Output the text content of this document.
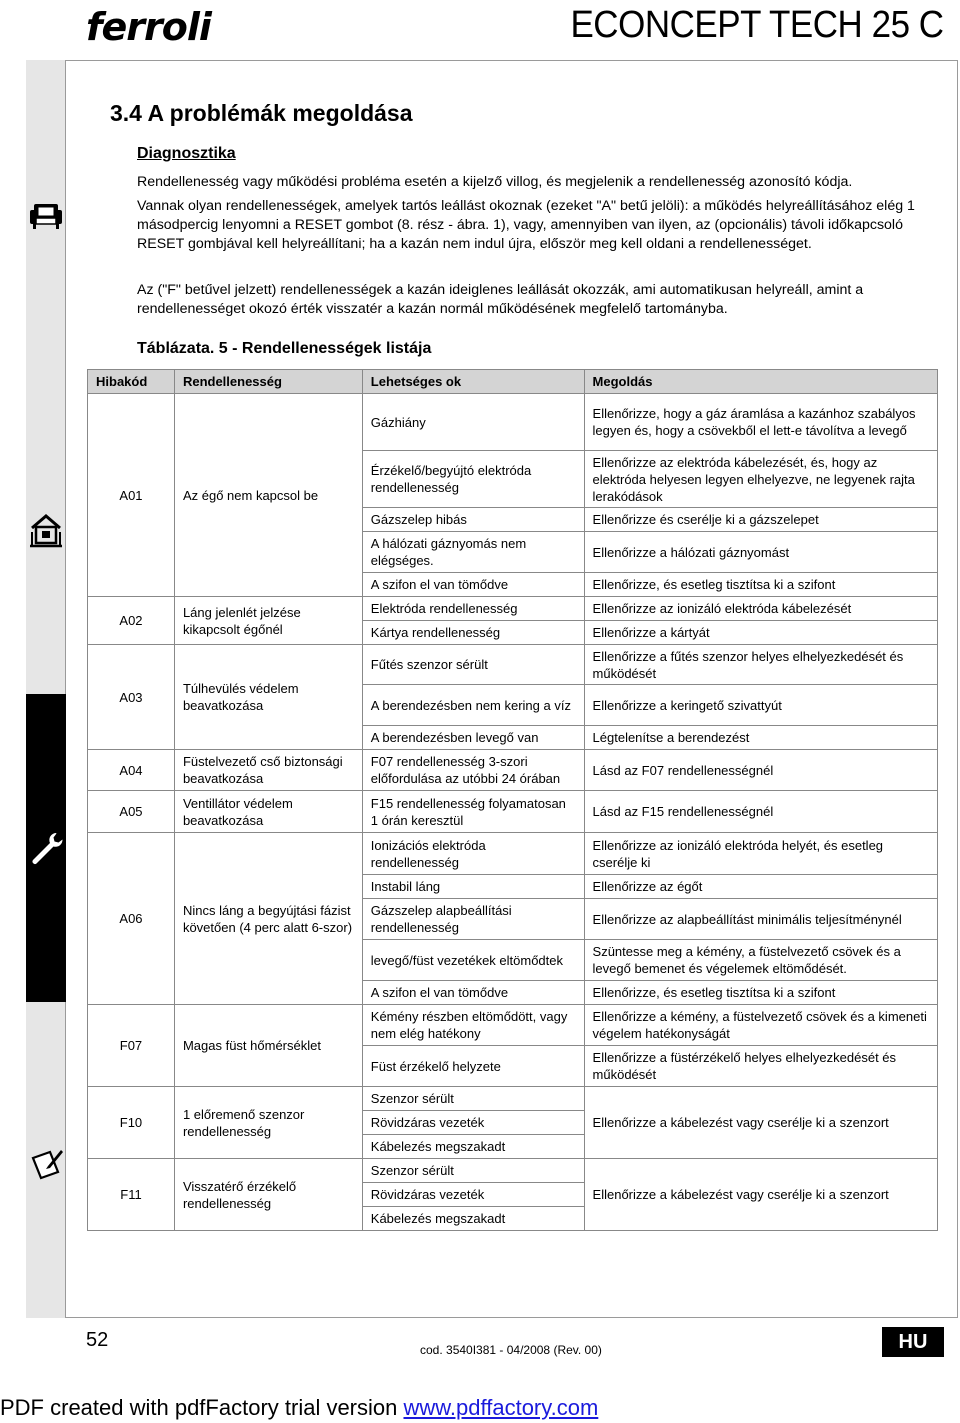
ferroli	ECONCEPT TECH 25 C
3.4 A problémák megoldása
Diagnosztika

Rendellenesség vagy működési probléma esetén a kijelző villog, és megjelenik a rendellenesség azonosító kódja.

Vannak olyan rendellenességek, amelyek tartós leállást okoznak (ezeket "A" betű jelöli): a működés helyreállításához elég 1 másodpercig lenyomni a RESET gombot (8. rész - ábra. 1), vagy, amennyiben van ilyen, az (opcionális) távoli időkapcsoló RESET gombjával kell helyreállítani; ha a kazán nem indul újra, először meg kell oldani a rendellenességet.

Az ("F" betűvel jelzett) rendellenességek a kazán ideiglenes leállását okozzák, ami automatikusan helyreáll, amint a rendellenességet okozó érték visszatér a kazán normál működésének megfelelő tartományba.

Táblázata. 5 - Rendellenességek listája
Hibakód	Rendellenesség	Lehetséges ok	Megoldás
A01	Az égő nem kapcsol be	Gázhiány	Ellenőrizze, hogy a gáz áramlása a kazánhoz szabályos legyen és, hogy a csövekből el lett-e távolítva a levegő
		Érzékelő/begyújtó elektróda rendellenesség	Ellenőrizze az elektróda kábelezését, és, hogy az elektróda helyesen legyen elhelyezve, ne legyenek rajta lerakódások
		Gázszelep hibás	Ellenőrizze és cserélje ki a gázszelepet
		A hálózati gáznyomás nem elégséges.	Ellenőrizze a hálózati gáznyomást
		A szifon el van tömődve	Ellenőrizze, és esetleg tisztítsa ki a szifont
A02	Láng jelenlét jelzése kikapcsolt égőnél	Elektróda rendellenesség	Ellenőrizze az ionizáló elektróda kábelezését
		Kártya rendellenesség	Ellenőrizze a kártyát
A03	Túlhevülés védelem beavatkozása	Fűtés szenzor sérült	Ellenőrizze a fűtés szenzor helyes elhelyezkedését és működését
		A berendezésben nem kering a víz	Ellenőrizze a keringető szivattyút
		A berendezésben levegő van	Légtelenítse a berendezést
A04	Füstelvezető cső biztonsági beavatkozása	F07 rendellenesség 3-szori előfordulása az utóbbi 24 órában	Lásd az F07 rendellenességnél
A05	Ventillátor védelem beavatkozása	F15 rendellenesség folyamatosan 1 órán keresztül	Lásd az F15 rendellenességnél
A06	Nincs láng a begyújtási fázist követően (4 perc alatt 6-szor)	Ionizációs elektróda rendellenesség	Ellenőrizze az ionizáló elektróda helyét, és esetleg cserélje ki
		Instabil láng	Ellenőrizze az égőt
		Gázszelep alapbeállítási rendellenesség	Ellenőrizze az alapbeállítást minimális teljesítménynél
		levegő/füst vezetékek eltömődtek	Szüntesse meg a kémény, a füstelvezető csövek és a levegő bemenet és végelemek eltömődését.
		A szifon el van tömődve	Ellenőrizze, és esetleg tisztítsa ki a szifont
F07	Magas füst hőmérséklet	Kémény részben eltömődött, vagy nem elég hatékony	Ellenőrizze a kémény, a füstelvezető csövek és a kimeneti végelem hatékonyságát
		Füst érzékelő helyzete	Ellenőrizze a füstérzékelő helyes elhelyezkedését és működését
F10	1 előremenő szenzor rendellenesség	Szenzor sérült	Ellenőrizze a kábelezést vagy cserélje ki a szenzort
		Rövidzáras vezeték	
		Kábelezés megszakadt	
F11	Visszatérő érzékelő rendellenesség	Szenzor sérült	Ellenőrizze a kábelezést vagy cserélje ki a szenzort
		Rövidzáras vezeték	
		Kábelezés megszakadt	
52	cod. 3540I381 - 04/2008 (Rev. 00)	HU
PDF created with pdfFactory trial version www.pdffactory.com
